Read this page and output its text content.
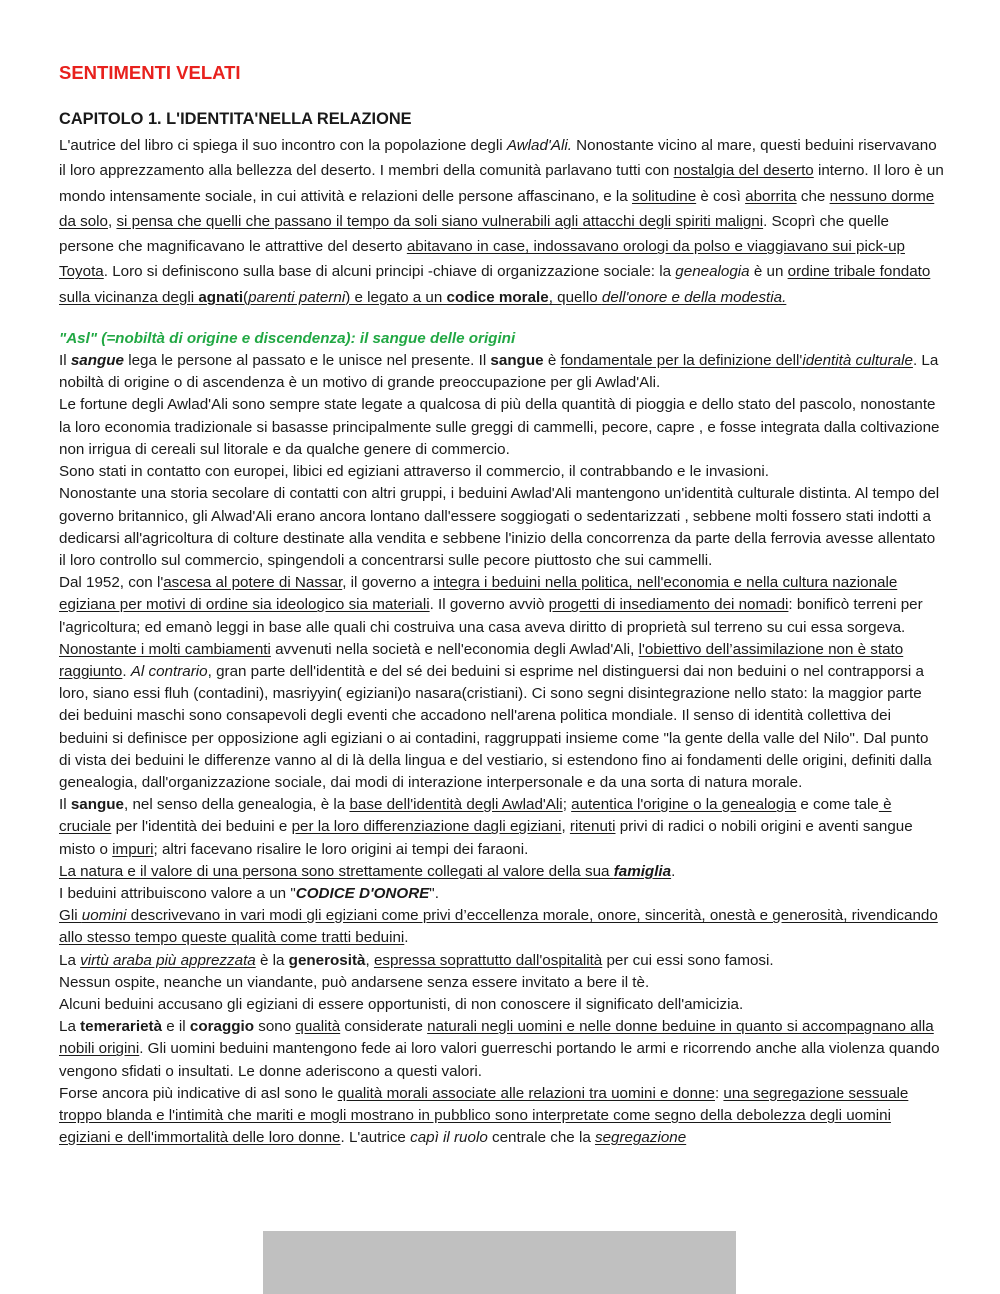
SENTIMENTI VELATI
CAPITOLO 1. L'IDENTITA'NELLA RELAZIONE

L'autrice del libro ci spiega il suo incontro con la popolazione degli Awlad'Ali. Nonostante vicino al mare, questi beduini riservavano il loro apprezzamento alla bellezza del deserto. I membri della comunità parlavano tutti con nostalgia del deserto interno. Il loro è un mondo intensamente sociale, in cui attività e relazioni delle persone affascinano, e la solitudine è così aborrita che nessuno dorme da solo, si pensa che quelli che passano il tempo da soli siano vulnerabili agli attacchi degli spiriti maligni. Scoprì che quelle persone che magnificavano le attrattive del deserto abitavano in case, indossavano orologi da polso e viaggiavano sui pick-up Toyota. Loro si definiscono sulla base di alcuni principi -chiave di organizzazione sociale: la genealogia è un ordine tribale fondato sulla vicinanza degli agnati(parenti paterni) e legato a un codice morale, quello dell'onore e della modestia.

"Asl" (=nobiltà di origine e discendenza): il sangue delle origini

Il sangue lega le persone al passato e le unisce nel presente. Il sangue è fondamentale per la definizione dell'identità culturale. La nobiltà di origine o di ascendenza è un motivo di grande preoccupazione per gli Awlad'Ali.

Le fortune degli Awlad'Ali sono sempre state legate a qualcosa di più della quantità di pioggia e dello stato del pascolo, nonostante la loro economia tradizionale si basasse principalmente sulle greggi di cammelli, pecore, capre , e fosse integrata dalla coltivazione non irrigua di cereali sul litorale e da qualche genere di commercio.

Sono stati in contatto con europei, libici ed egiziani attraverso il commercio, il contrabbando e le invasioni.

Nonostante una storia secolare di contatti con altri gruppi, i beduini Awlad'Ali mantengono un'identità culturale distinta. Al tempo del governo britannico, gli Alwad'Ali erano ancora lontano dall'essere soggiogati o sedentarizzati , sebbene molti fossero stati indotti a dedicarsi all'agricoltura di colture destinate alla vendita e sebbene l'inizio della concorrenza da parte della ferrovia avesse allentato il loro controllo sul commercio, spingendoli a concentrarsi sulle pecore piuttosto che sui cammelli.

Dal 1952, con l'ascesa al potere di Nassar, il governo a integra i beduini nella politica, nell'economia e nella cultura nazionale egiziana per motivi di ordine sia ideologico sia materiali. Il governo avviò progetti di insediamento dei nomadi: bonificò terreni per l'agricoltura; ed emanò leggi in base alle quali chi costruiva una casa aveva diritto di proprietà sul terreno su cui essa sorgeva.

Nonostante i molti cambiamenti avvenuti nella società e nell'economia degli Awlad'Ali, l'obiettivo dell’assimilazione non è stato raggiunto. Al contrario, gran parte dell'identità e del sé dei beduini si esprime nel distinguersi dai non beduini o nel contrapporsi a loro, siano essi fluh (contadini), masriyyin( egiziani)o nasara(cristiani). Ci sono segni disintegrazione nello stato: la maggior parte dei beduini maschi sono consapevoli degli eventi che accadono nell'arena politica mondiale. Il senso di identità collettiva dei beduini si definisce per opposizione agli egiziani o ai contadini, raggruppati insieme come "la gente della valle del Nilo". Dal punto di vista dei beduini le differenze vanno al di là della lingua e del vestiario, si estendono fino ai fondamenti delle origini, definiti dalla genealogia, dall'organizzazione sociale, dai modi di interazione interpersonale e da una sorta di natura morale.

Il sangue, nel senso della genealogia, è la base dell'identità degli Awlad'Ali; autentica l'origine o la genealogia e come tale è cruciale per l'identità dei beduini e per la loro differenziazione dagli egiziani, ritenuti privi di radici o nobili origini e aventi sangue misto o impuri; altri facevano risalire le loro origini ai tempi dei faraoni.

La natura e il valore di una persona sono strettamente collegati al valore della sua famiglia.

I beduini attribuiscono valore a un "CODICE D'ONORE".

Gli uomini descrivevano in vari modi gli egiziani come privi d’eccellenza morale, onore, sincerità, onestà e generosità, rivendicando allo stesso tempo queste qualità come tratti beduini.

La virtù araba più apprezzata è la generosità, espressa soprattutto dall'ospitalità per cui essi sono famosi.

Nessun ospite, neanche un viandante, può andarsene senza essere invitato a bere il tè.

Alcuni beduini accusano gli egiziani di essere opportunisti, di non conoscere il significato dell'amicizia.

La temerarietà e il coraggio sono qualità considerate naturali negli uomini e nelle donne beduine in quanto si accompagnano alla nobili origini. Gli uomini beduini mantengono fede ai loro valori guerreschi portando le armi e ricorrendo anche alla violenza quando vengono sfidati o insultati. Le donne aderiscono a questi valori.

Forse ancora più indicative di asl sono le qualità morali associate alle relazioni tra uomini e donne: una segregazione sessuale troppo blanda e l'intimità che mariti e mogli mostrano in pubblico sono interpretate come segno della debolezza degli uomini egiziani e dell'immortalità delle loro donne. L'autrice capì il ruolo centrale che la segregazione
